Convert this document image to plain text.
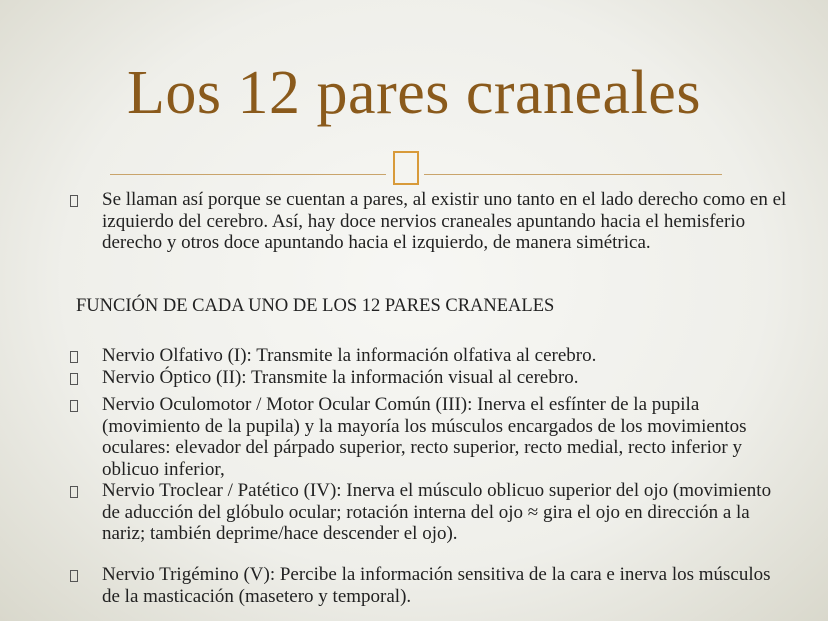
Los 12 pares craneales
Se llaman así porque se cuentan a pares, al existir uno tanto en el lado derecho como en el izquierdo del cerebro. Así, hay doce nervios craneales apuntando hacia el hemisferio derecho y otros doce apuntando hacia el izquierdo, de manera simétrica.
FUNCIÓN DE CADA UNO DE LOS 12 PARES CRANEALES
Nervio Olfativo (I): Transmite la información olfativa al cerebro.
Nervio Óptico (II): Transmite la información visual al cerebro.
Nervio Oculomotor / Motor Ocular Común (III): Inerva el esfínter de la pupila (movimiento de la pupila) y la mayoría los músculos encargados de los movimientos oculares: elevador del párpado superior, recto superior, recto medial, recto inferior y oblicuo inferior,
Nervio Troclear / Patético (IV): Inerva el músculo oblicuo superior del ojo (movimiento de aducción del glóbulo ocular; rotación interna del ojo ≈ gira el ojo en dirección a la nariz; también deprime/hace descender el ojo).
Nervio Trigémino (V): Percibe la información sensitiva de la cara e inerva los músculos de la masticación (masetero y temporal).
